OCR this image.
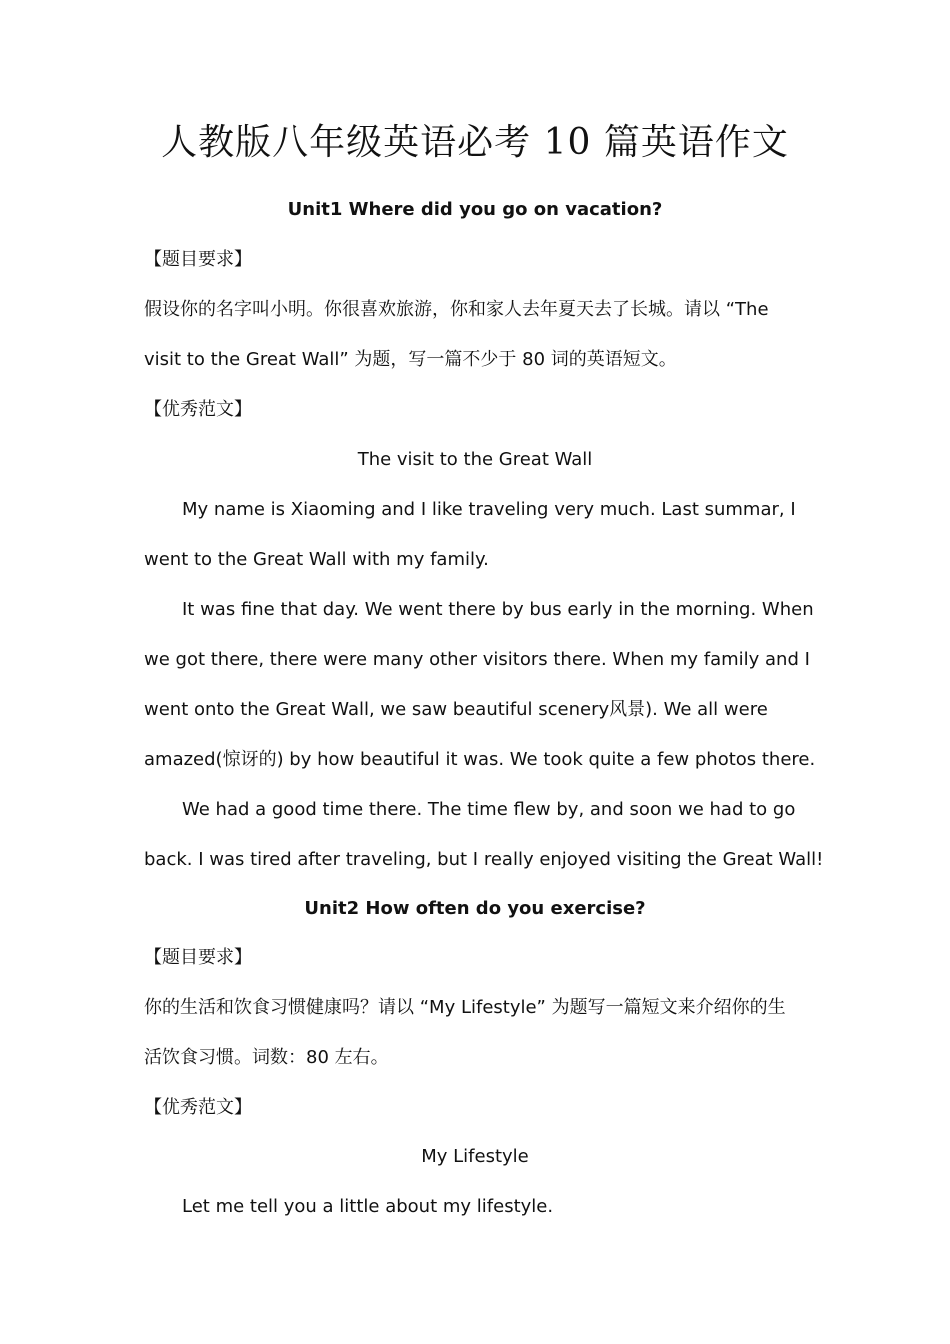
人教版八年级英语必考 10 篇英语作文
Unit1 Where did you go on vacation?
【题目要求】
假设你的名字叫小明。你很喜欢旅游，你和家人去年夏天去了长城。请以 “The
visit to the Great Wall” 为题，写一篇不少于 80 词的英语短文。
【优秀范文】
The visit to the Great Wall
My name is Xiaoming and I like traveling very much. Last summar, I
went to the Great Wall with my family.
It was fine that day. We went there by bus early in the morning. When
we got there, there were many other visitors there. When my family and I
went onto the Great Wall, we saw beautiful scenery风景). We all were
amazed(惊讶的) by how beautiful it was. We took quite a few photos there.
We had a good time there. The time flew by, and soon we had to go
back. I was tired after traveling, but I really enjoyed visiting the Great Wall!
Unit2 How often do you exercise?
【题目要求】
你的生活和饮食习惯健康吗？请以 “My Lifestyle” 为题写一篇短文来介绍你的生
活饮食习惯。词数：80 左右。
【优秀范文】
My Lifestyle
Let me tell you a little about my lifestyle.
